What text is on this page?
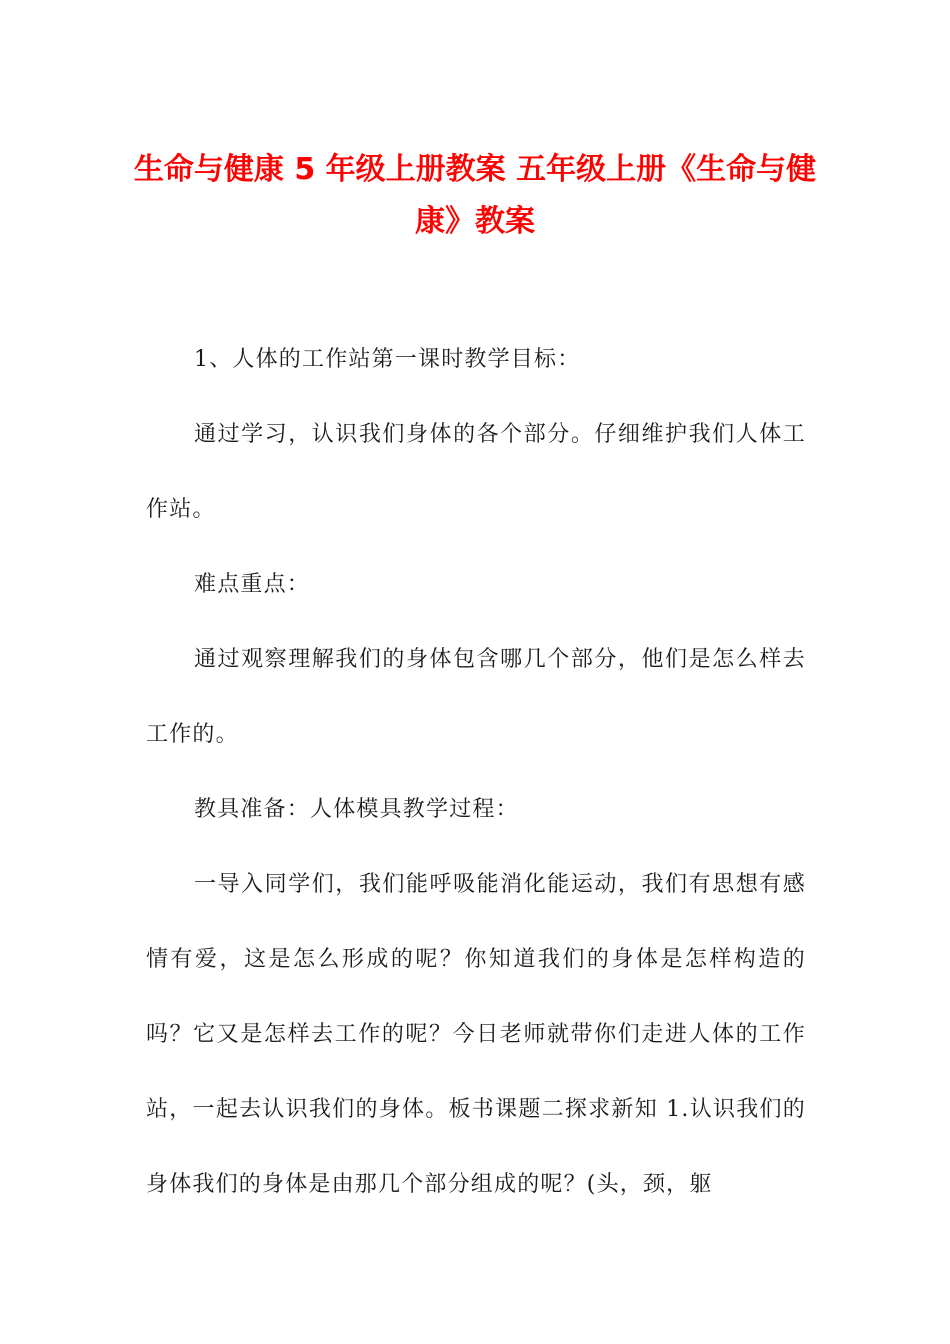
生命与健康 5 年级上册教案 五年级上册《生命与健康》教案

1、人体的工作站第一课时教学目标：

通过学习，认识我们身体的各个部分。仔细维护我们人体工作站。

难点重点：

通过观察理解我们的身体包含哪几个部分，他们是怎么样去工作的。

教具准备：人体模具教学过程：

一导入同学们，我们能呼吸能消化能运动，我们有思想有感情有爱，这是怎么形成的呢？你知道我们的身体是怎样构造的吗？它又是怎样去工作的呢？今日老师就带你们走进人体的工作站，一起去认识我们的身体。板书课题二探求新知 1.认识我们的身体我们的身体是由那几个部分组成的呢？(头，颈，躯
